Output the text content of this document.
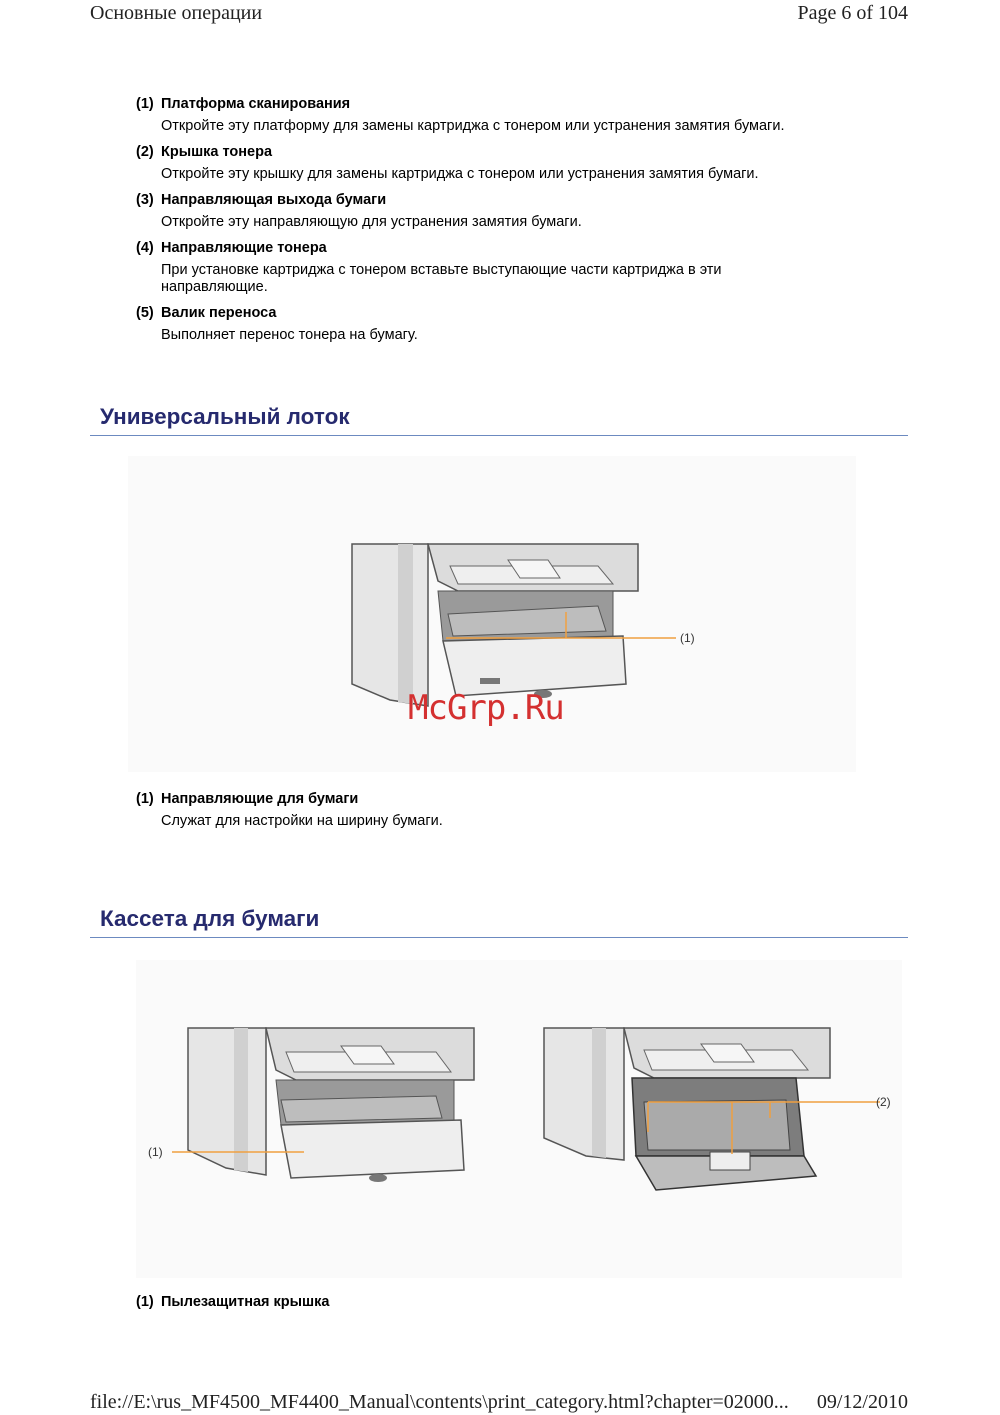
Основные операции	Page 6 of 104
(1) Платформа сканирования
Откройте эту платформу для замены картриджа с тонером или устранения замятия бумаги.
(2) Крышка тонера
Откройте эту крышку для замены картриджа с тонером или устранения замятия бумаги.
(3) Направляющая выхода бумаги
Откройте эту направляющую для устранения замятия бумаги.
(4) Направляющие тонера
При установке картриджа с тонером вставьте выступающие части картриджа в эти направляющие.
(5) Валик переноса
Выполняет перенос тонера на бумагу.
Универсальный лоток
(1)
McGrp.Ru
(1) Направляющие для бумаги
Служат для настройки на ширину бумаги.
Кассета для бумаги
(1)
(2)
(1) Пылезащитная крышка
file://E:\rus_MF4500_MF4400_Manual\contents\print_category.html?chapter=02000... 09/12/2010
